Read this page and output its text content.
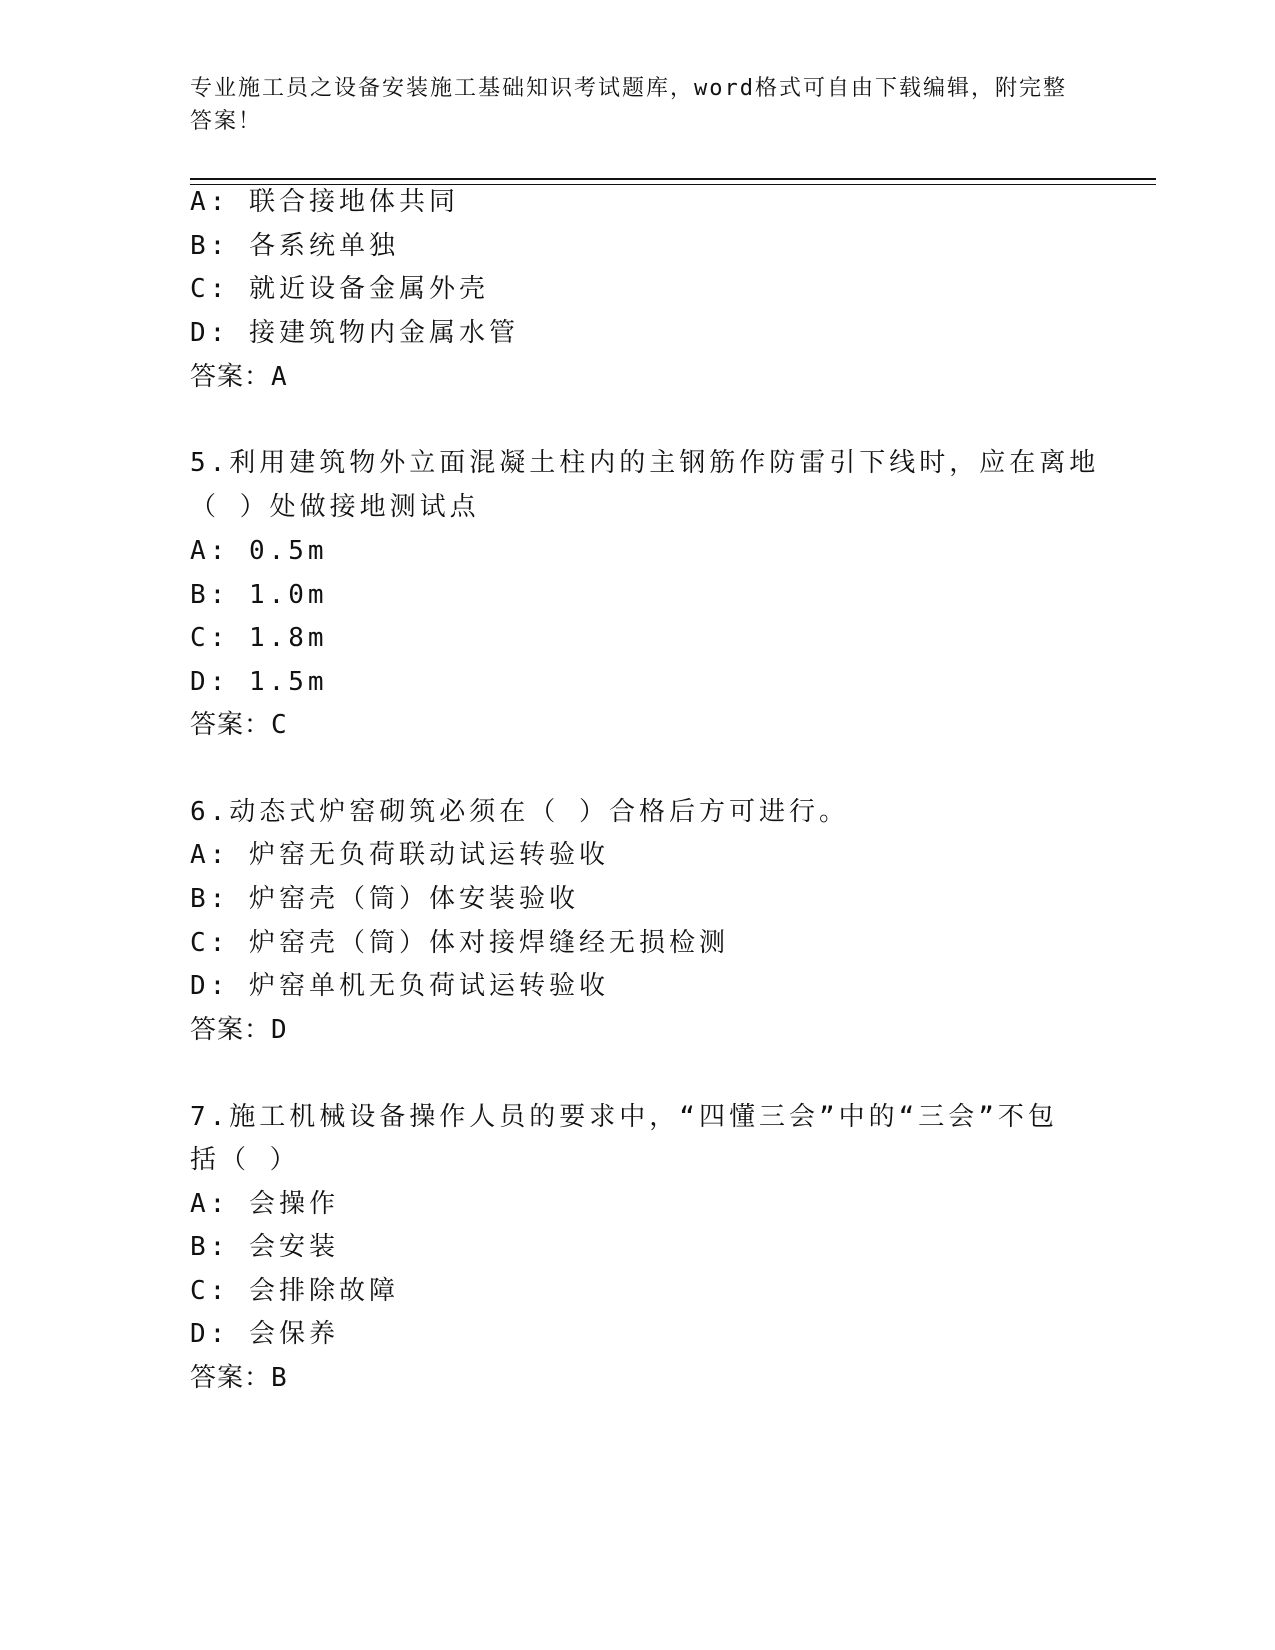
专业施工员之设备安装施工基础知识考试题库，word格式可自由下载编辑，附完整答案！
A: 联合接地体共同
B: 各系统单独
C: 就近设备金属外壳
D: 接建筑物内金属水管
答案：A
5.利用建筑物外立面混凝土柱内的主钢筋作防雷引下线时，应在离地
（ ）处做接地测试点
A: 0.5m
B: 1.0m
C: 1.8m
D: 1.5m
答案：C
6.动态式炉窑砌筑必须在（ ）合格后方可进行。
A: 炉窑无负荷联动试运转验收
B: 炉窑壳（筒）体安装验收
C: 炉窑壳（筒）体对接焊缝经无损检测
D: 炉窑单机无负荷试运转验收
答案：D
7.施工机械设备操作人员的要求中，“四懂三会”中的“三会”不包
括（ ）
A: 会操作
B: 会安装
C: 会排除故障
D: 会保养
答案：B
